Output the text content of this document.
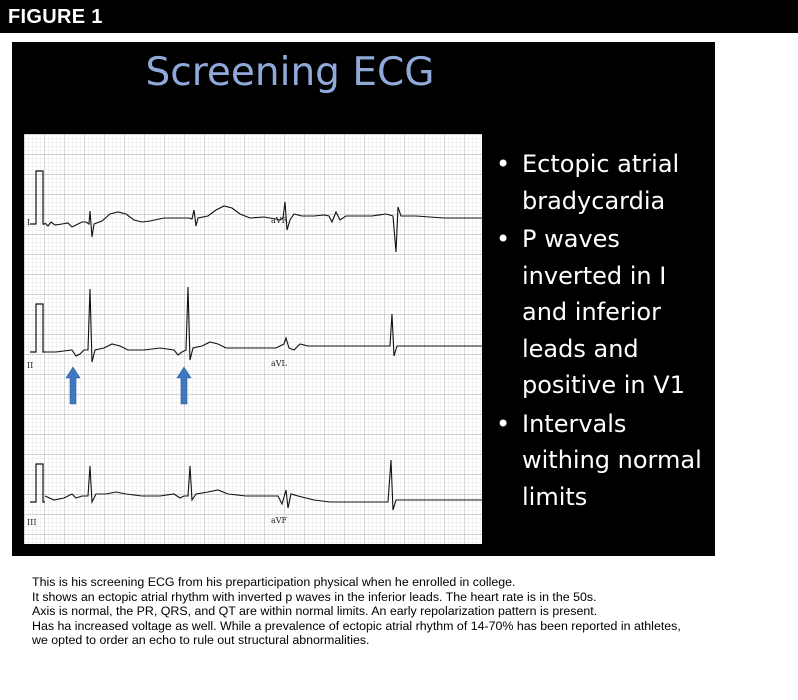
FIGURE 1
Screening ECG
I	aVR
II	aVL
III	aVF
• Ectopic atrial bradycardia
• P waves inverted in I and inferior leads and positive in V1
• Intervals withing normal limits
This is his screening ECG from his preparticipation physical when he enrolled in college.
It shows an ectopic atrial rhythm with inverted p waves in the inferior leads. The heart rate is in the 50s.
Axis is normal, the PR, QRS, and QT are within normal limits. An early repolarization pattern is present.
Has ha increased voltage as well. While a prevalence of ectopic atrial rhythm of 14-70% has been reported in athletes,
we opted to order an echo to rule out structural abnormalities.
